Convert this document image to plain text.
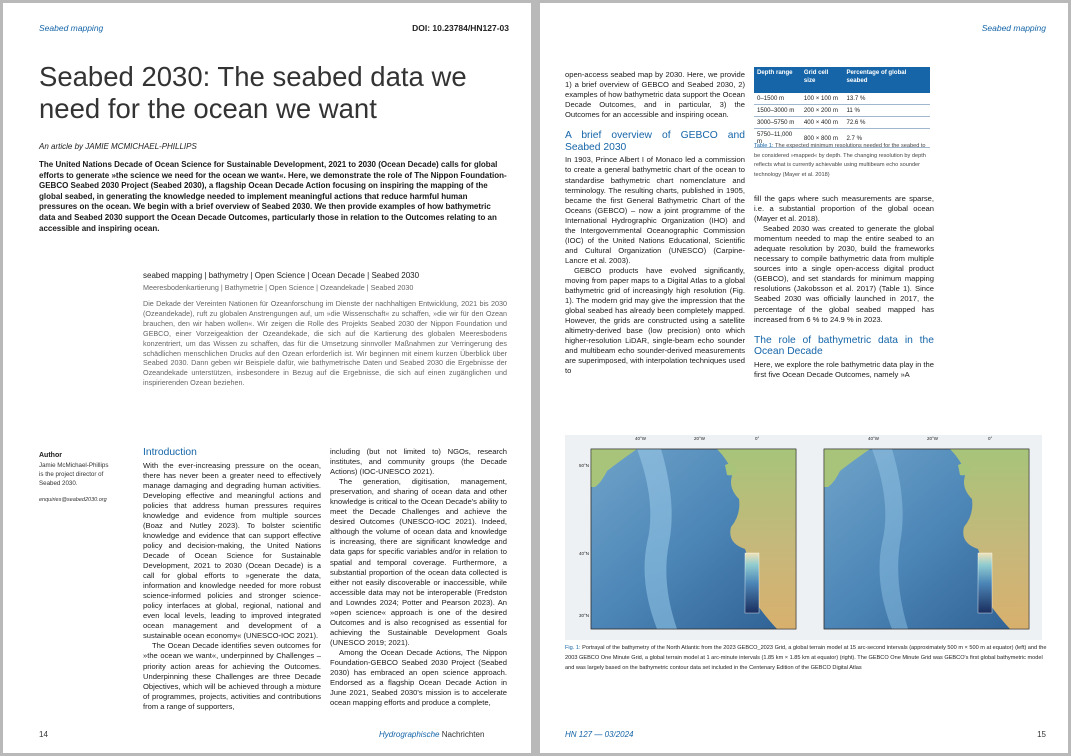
Seabed mapping	DOI: 10.23784/HN127-03
Seabed 2030: The seabed data we need for the ocean we want
An article by JAMIE MCMICHAEL-PHILLIPS
The United Nations Decade of Ocean Science for Sustainable Development, 2021 to 2030 (Ocean Decade) calls for global efforts to generate »the science we need for the ocean we want«. Here, we demonstrate the role of The Nippon Foundation-GEBCO Seabed 2030 Project (Seabed 2030), a flagship Ocean Decade Action focusing on inspiring the mapping of the global seabed, in generating the knowledge needed to implement meaningful actions that reduce harmful human pressures on the ocean. We begin with a brief overview of Seabed 2030. We then provide examples of how bathymetric data and Seabed 2030 support the Ocean Decade Outcomes, particularly those in relation to the Outcomes relating to an accessible and inspiring ocean.
seabed mapping | bathymetry | Open Science | Ocean Decade | Seabed 2030
Meeresbodenkartierung | Bathymetrie | Open Science | Ozeandekade | Seabed 2030
Die Dekade der Vereinten Nationen für Ozeanforschung im Dienste der nachhaltigen Entwicklung, 2021 bis 2030 (Ozeandekade), ruft zu globalen Anstrengungen auf, um »die Wissenschaft« zu schaffen, »die wir für den Ozean brauchen, den wir haben wollen«. Wir zeigen die Rolle des Projekts Seabed 2030 der Nippon Foundation und GEBCO, einer Vorzeigeaktion der Ozeandekade, die sich auf die Kartierung des globalen Meeresbodens konzentriert, um das Wissen zu schaffen, das für die Umsetzung sinnvoller Maßnahmen zur Verringerung des schädlichen menschlichen Drucks auf den Ozean erforderlich ist. Wir beginnen mit einem kurzen Überblick über Seabed 2030. Dann geben wir Beispiele dafür, wie bathymetrische Daten und Seabed 2030 die Ergebnisse der Ozeandekade unterstützen, insbesondere in Bezug auf die Ergebnisse, die sich auf einen zugänglichen und inspirierenden Ozean beziehen.
Author
Jamie McMichael-Phillips is the project director of Seabed 2030.
enquiries@seabed2030.org
Introduction

With the ever-increasing pressure on the ocean, there has never been a greater need to effectively manage damaging and degrading human activities. Developing effective and meaningful actions and policies that address human pressures requires knowledge and evidence from multiple sources (Boaz and Nutley 2023). To bolster scientific knowledge and evidence that can support effective policy and decision-making, the United Nations Decade of Ocean Science for Sustainable Development, 2021 to 2030 (Ocean Decade) is a call for global efforts to »generate the data, information and knowledge needed for more robust science-informed policies and stronger science-policy interfaces at global, regional, national and even local levels, leading to improved integrated ocean management and development of a sustainable ocean economy« (UNESCO-IOC 2021).

The Ocean Decade identifies seven outcomes for »the ocean we want«, underpinned by Challenges – priority action areas for achieving the Outcomes. Underpinning these Challenges are three Decade Objectives, which will be achieved through a mixture of programmes, projects, activities and contributions from a range of supporters,

including (but not limited to) NGOs, research institutes, and community groups (the Decade Actions) (IOC-UNESCO 2021).

The generation, digitisation, management, preservation, and sharing of ocean data and other knowledge is critical to the Ocean Decade's ability to meet the Decade Challenges and achieve the desired Outcomes (UNESCO-IOC 2021). Indeed, although the volume of ocean data and knowledge is increasing, there are significant knowledge and data gaps for specific variables and/or in relation to spatial and temporal coverage. Furthermore, a substantial proportion of the ocean data collected is either not easily discoverable or inaccessible, while accessible data may not be interoperable (Fredston and Lowndes 2024; Potter and Pearson 2023). An »open science« approach is one of the desired Outcomes and is also recognised as essential for achieving the Sustainable Development Goals (UNESCO 2019; 2021).

Among the Ocean Decade Actions, The Nippon Foundation-GEBCO Seabed 2030 Project (Seabed 2030) has embraced an open science approach. Endorsed as a flagship Ocean Decade Action in June 2021, Seabed 2030's mission is to accelerate ocean mapping efforts and produce a complete,

14	Hydrographische Nachrichten
Seabed mapping

open-access seabed map by 2030. Here, we provide 1) a brief overview of GEBCO and Seabed 2030, 2) examples of how bathymetric data support the Ocean Decade Outcomes, and in particular, 3) the Outcomes for an accessible and inspiring ocean.

A brief overview of GEBCO and Seabed 2030

In 1903, Prince Albert I of Monaco led a commission to create a general bathymetric chart of the ocean to standardise bathymetric chart nomenclature and terminology. The resulting charts, published in 1905, became the first General Bathymetric Chart of the Oceans (GEBCO) – now a joint programme of the International Hydrographic Organization (IHO) and the Intergovernmental Oceanographic Commission (IOC) of the United Nations Educational, Scientific and Cultural Organization (UNESCO) (Carpine-Lancre et al. 2003).

GEBCO products have evolved significantly, moving from paper maps to a Digital Atlas to a global bathymetric grid of increasingly high resolution (Fig. 1). The modern grid may give the impression that the global seabed has already been completely mapped. However, the grids are constructed using a satellite altimetry-derived base (low precision) onto which higher-resolution LiDAR, single-beam echo sounder and multibeam echo sounder-derived measurements are superimposed, with interpolation techniques used to

Depth range	Grid cell size	Percentage of global seabed
0–1500 m	100 × 100 m	13.7 %
1500–3000 m	200 × 200 m	11 %
3000–5750 m	400 × 400 m	72.6 %
5750–11,000 m	800 × 800 m	2.7 %
Table 1: The expected minimum resolutions needed for the seabed to be considered »mapped« by depth. The changing resolution by depth reflects what is currently achievable using multibeam echo sounder technology (Mayer et al. 2018)

fill the gaps where such measurements are sparse, i.e. a substantial proportion of the global ocean (Mayer et al. 2018).

Seabed 2030 was created to generate the global momentum needed to map the entire seabed to an adequate resolution by 2030, build the frameworks necessary to compile bathymetric data from multiple sources into a single open-access digital product (GEBCO), and set standards for minimum mapping resolutions (Jakobsson et al. 2017) (Table 1). Since Seabed 2030 was officially launched in 2017, the percentage of the global seabed mapped has increased from 6 % to 24.9 % in 2023.

The role of bathymetric data in the Ocean Decade

Here, we explore the role bathymetric data play in the first five Ocean Decade Outcomes, namely »A

40°W	20°W	0°
50°N
40°N
30°N
40°W	20°W	0°
Fig. 1: Portrayal of the bathymetry of the North Atlantic from the 2023 GEBCO_2023 Grid, a global terrain model at 15 arc-second intervals (approximately 500 m × 500 m at equator) (left) and the 2003 GEBCO One Minute Grid, a global terrain model at 1 arc-minute intervals (1.85 km × 1.85 km at equator) (right). The GEBCO One Minute Grid was GEBCO's first global bathymetric model and was largely based on the bathymetric contour data set included in the Centenary Edition of the GEBCO Digital Atlas
HN 127 — 03/2024	15
